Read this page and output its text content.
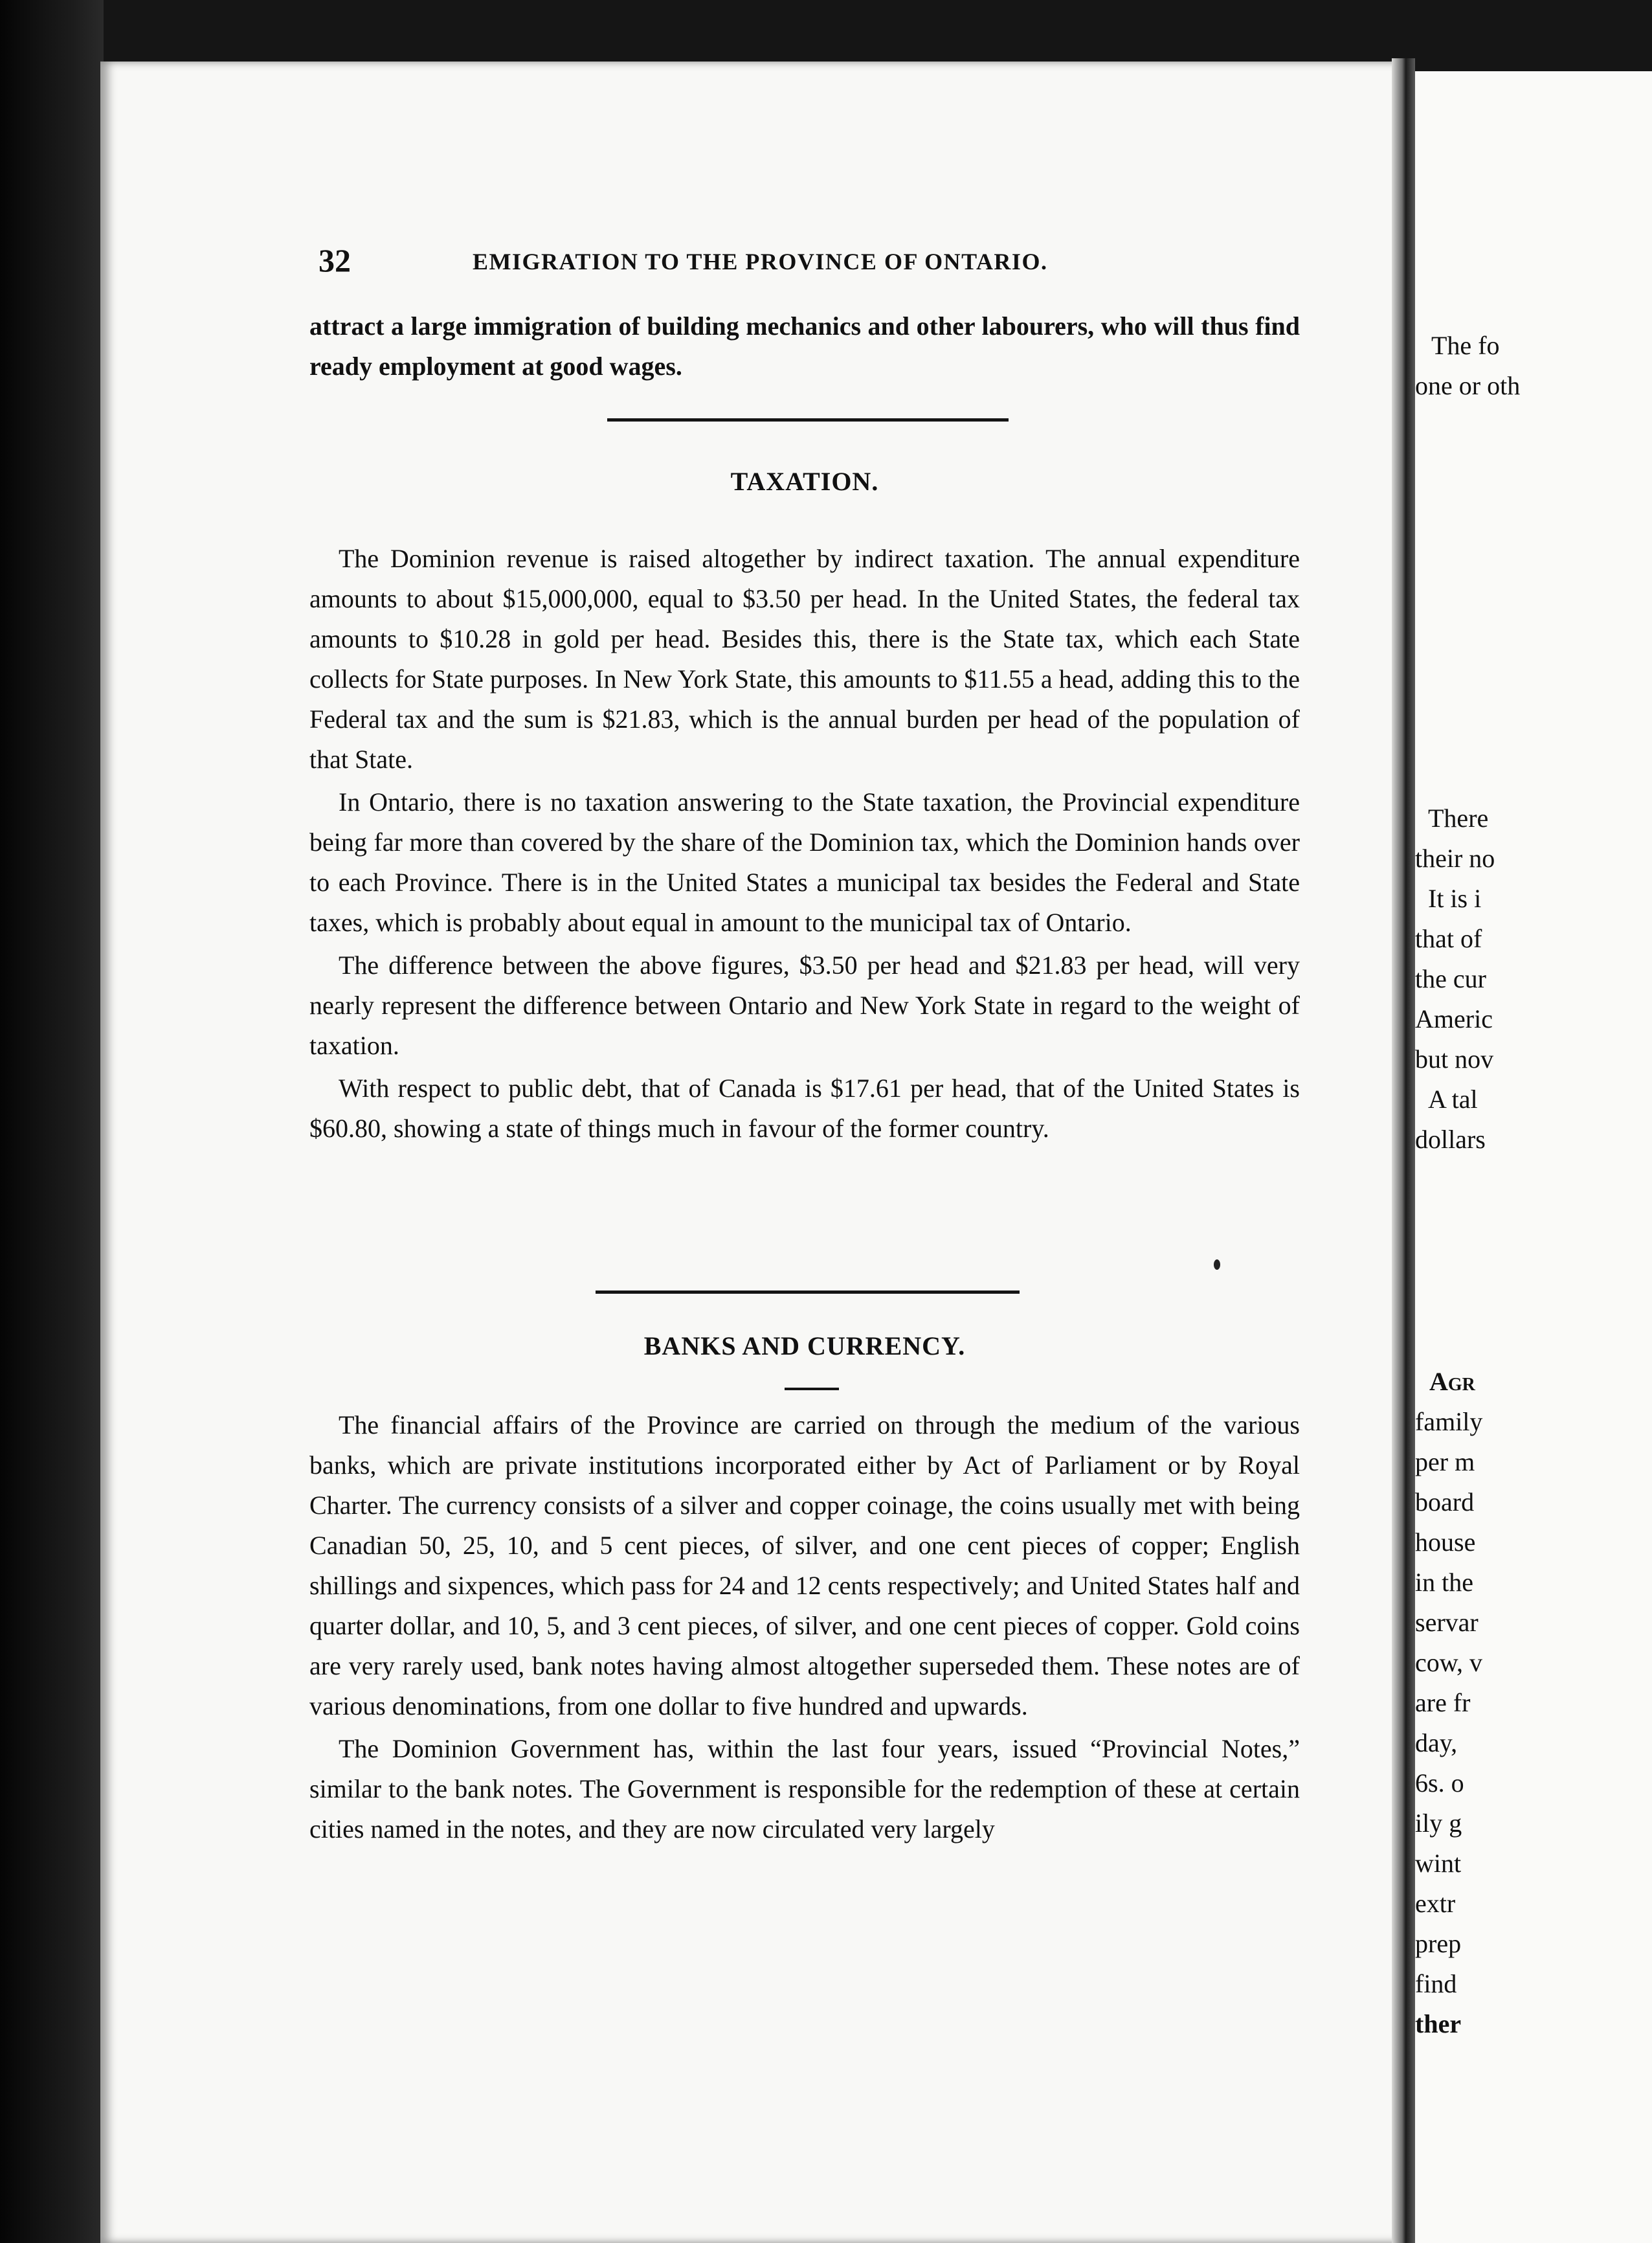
32	EMIGRATION TO THE PROVINCE OF ONTARIO.

attract a large immigration of building mechanics and other labourers, who will thus find ready employment at good wages.

TAXATION.

The Dominion revenue is raised altogether by indirect taxation. The annual expenditure amounts to about $15,000,000, equal to $3.50 per head. In the United States, the federal tax amounts to $10.28 in gold per head. Besides this, there is the State tax, which each State collects for State purposes. In New York State, this amounts to $11.55 a head, adding this to the Federal tax and the sum is $21.83, which is the annual burden per head of the population of that State.

In Ontario, there is no taxation answering to the State taxation, the Provincial expenditure being far more than covered by the share of the Dominion tax, which the Dominion hands over to each Province. There is in the United States a municipal tax besides the Federal and State taxes, which is probably about equal in amount to the municipal tax of Ontario.

The difference between the above figures, $3.50 per head and $21.83 per head, will very nearly represent the difference between Ontario and New York State in regard to the weight of taxation.

With respect to public debt, that of Canada is $17.61 per head, that of the United States is $60.80, showing a state of things much in favour of the former country.

BANKS AND CURRENCY.

The financial affairs of the Province are carried on through the medium of the various banks, which are private institutions incorporated either by Act of Parliament or by Royal Charter. The currency consists of a silver and copper coinage, the coins usually met with being Canadian 50, 25, 10, and 5 cent pieces, of silver, and one cent pieces of copper; English shillings and sixpences, which pass for 24 and 12 cents respectively; and United States half and quarter dollar, and 10, 5, and 3 cent pieces, of silver, and one cent pieces of copper. Gold coins are very rarely used, bank notes having almost altogether superseded them. These notes are of various denominations, from one dollar to five hundred and upwards.

The Dominion Government has, within the last four years, issued “Provincial Notes,” similar to the bank notes. The Government is responsible for the redemption of these at certain cities named in the notes, and they are now circulated very largely

The fo
one or oth
There
their no
It is i
that of
the cur
Americ
but nov
A tal
dollars
Agr
family
per m
board
house
in the
servar
cow, v
are fr
day,
6s. o
ily g
wint
extr
prep
find
ther
